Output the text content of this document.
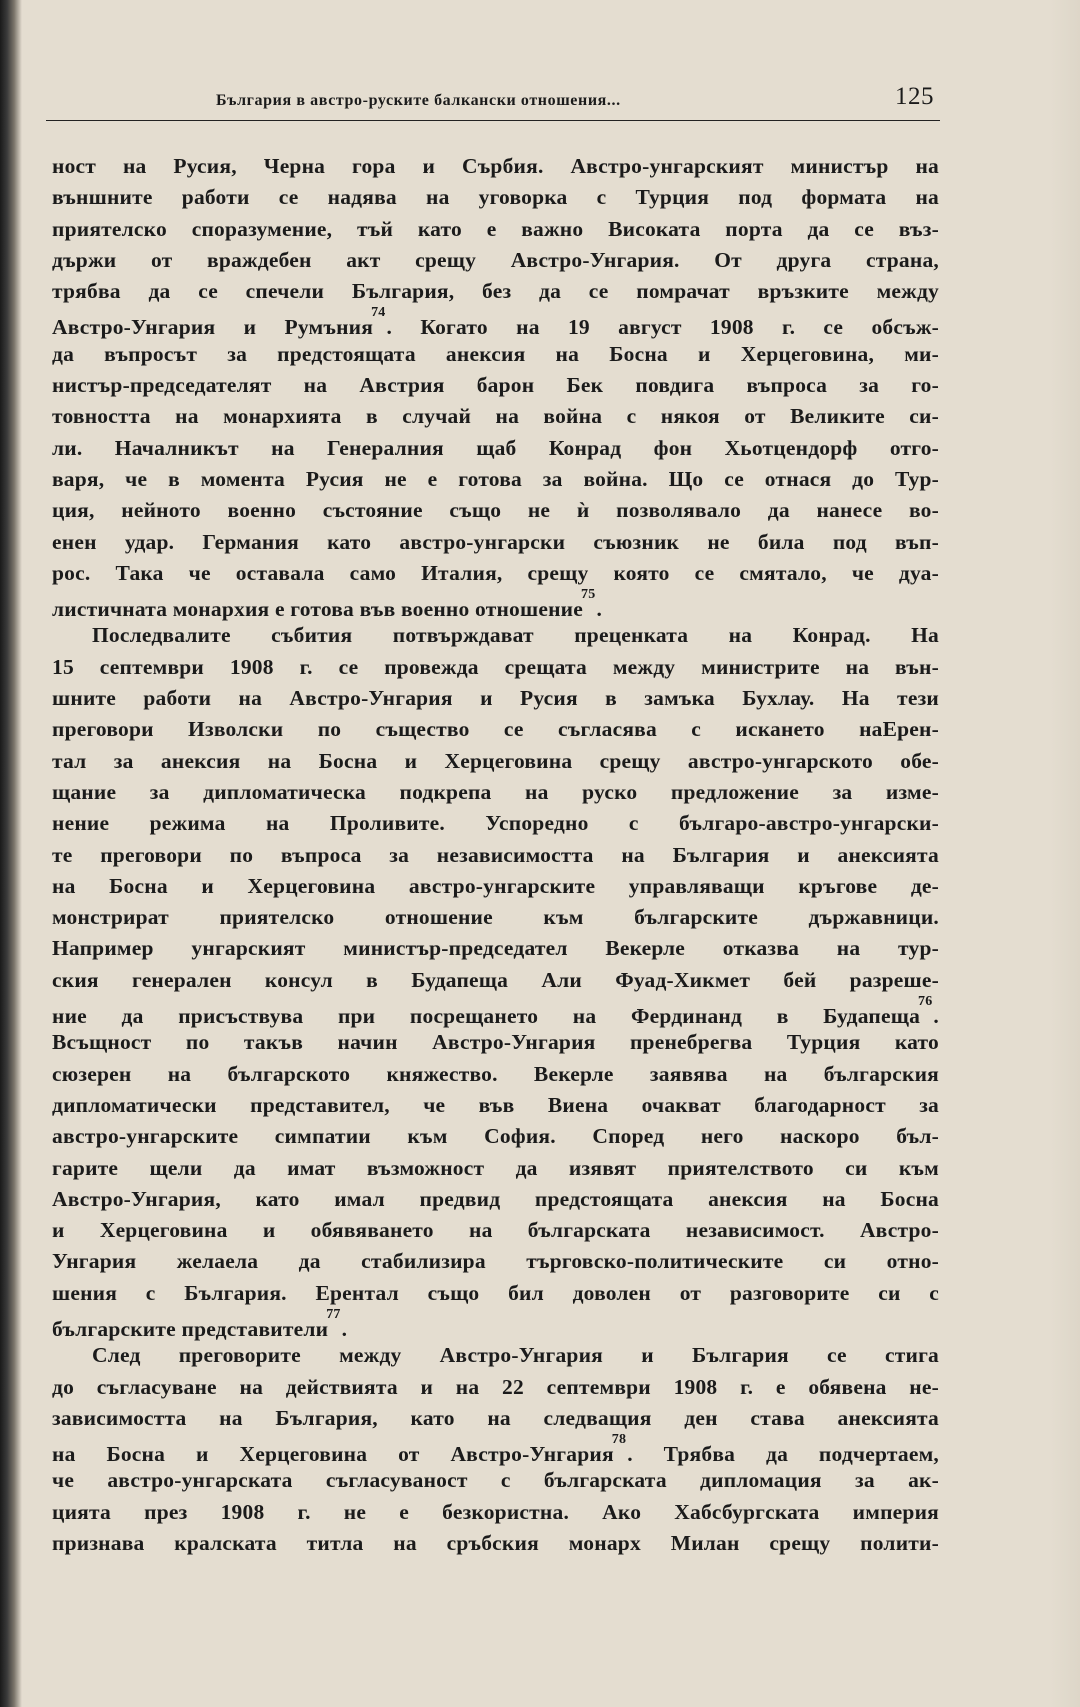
България в австро-руските балкански отношения...	125
ност на Русия, Черна гора и Сърбия. Австро-унгарският министър на
външните работи се надява на уговорка с Турция под формата на
приятелско споразумение, тъй като е важно Високата порта да се въз-
държи от враждебен акт срещу Австро-Унгария. От друга страна,
трябва да се спечели България, без да се помрачат връзките между
Австро-Унгария и Румъния$^{74}$. Когато на 19 август 1908 г. се обсъж-
да въпросът за предстоящата анексия на Босна и Херцеговина, ми-
нистър-председателят на Австрия барон Бек повдига въпроса за го-
товността на монархията в случай на война с някоя от Великите си-
ли. Началникът на Генералния щаб Конрад фон Хьотцендорф отго-
варя, че в момента Русия не е готова за война. Що се отнася до Тур-
ция, нейното военно състояние също не ѝ позволявало да нанесе во-
енен удар. Германия като австро-унгарски съюзник не била под въп-
рос. Така че оставала само Италия, срещу която се смятало, че дуа-
листичната монархия е готова във военно отношение$^{75}$.
Последвалите събития потвърждават преценката на Конрад. На
15 септември 1908 г. се провежда срещата между министрите на вън-
шните работи на Австро-Унгария и Русия в замъка Бухлау. На тези
преговори Изволски по същество се съгласява с искането наЕрен-
тал за анексия на Босна и Херцеговина срещу австро-унгарското обе-
щание за дипломатическа подкрепа на руско предложение за изме-
нение режима на Проливите. Успоредно с българо-австро-унгарски-
те преговори по въпроса за независимостта на България и анексията
на Босна и Херцеговина австро-унгарските управляващи кръгове де-
монстрират приятелско отношение към българските държавници.
Например унгарският министър-председател Векерле отказва на тур-
ския генерален консул в Будапеща Али Фуад-Хикмет бей разреше-
ние да присъствува при посрещането на Фердинанд в Будапеща$^{76}$.
Всъщност по такъв начин Австро-Унгария пренебрегва Турция като
сюзерен на българското княжество. Векерле заявява на българския
дипломатически представител, че във Виена очакват благодарност за
австро-унгарските симпатии към София. Според него наскоро бъл-
гарите щели да имат възможност да изявят приятелството си към
Австро-Унгария, като имал предвид предстоящата анексия на Босна
и Херцеговина и обявяването на българската независимост. Австро-
Унгария желаела да стабилизира търговско-политическите си отно-
шения с България. Ерентал също бил доволен от разговорите си с
българските представители$^{77}$.
След преговорите между Австро-Унгария и България се стига
до съгласуване на действията и на 22 септември 1908 г. е обявена не-
зависимостта на България, като на следващия ден става анексията
на Босна и Херцеговина от Австро-Унгария$^{78}$. Трябва да подчертаем,
че австро-унгарската съгласуваност с българската дипломация за ак-
цията през 1908 г. не е безкористна. Ако Хабсбургската империя
признава кралската титла на сръбския монарх Милан срещу полити-
